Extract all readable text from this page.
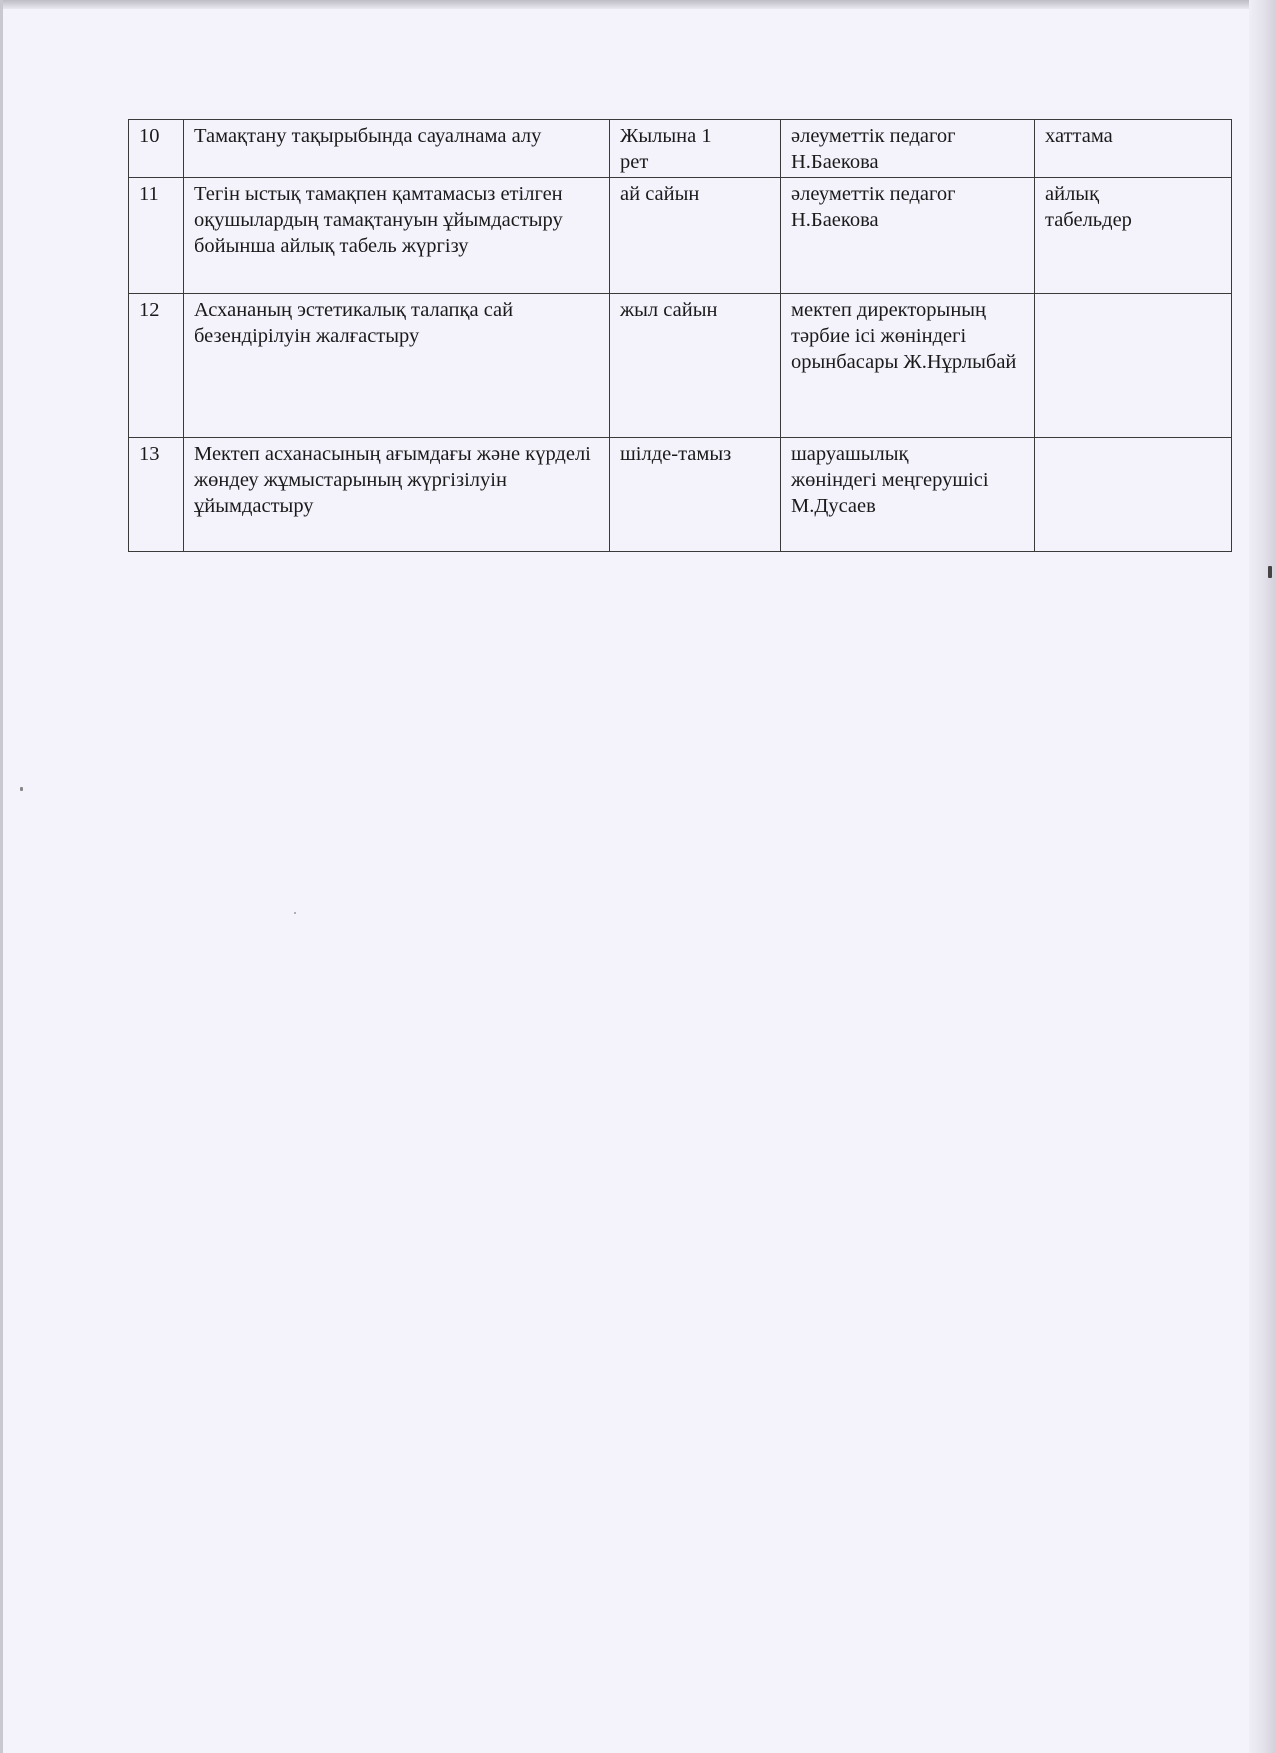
10	Тамақтану тақырыбында сауалнама алу	Жылына 1 рет	әлеуметтік педагог Н.Баекова	хаттама
11	Тегін ыстық тамақпен қамтамасыз етілген оқушылардың тамақтануын ұйымдастыру бойынша айлық табель жүргізу	ай сайын	әлеуметтік педагог Н.Баекова	айлық табельдер
12	Асхананың эстетикалық талапқа сай безендірілуін жалғастыру	жыл сайын	мектеп директорының тәрбие ісі жөніндегі орынбасары Ж.Нұрлыбай	
13	Мектеп асханасының ағымдағы және күрделі жөндеу жұмыстарының жүргізілуін ұйымдастыру	шілде-тамыз	шаруашылық жөніндегі меңгерушісі М.Дусаев	
